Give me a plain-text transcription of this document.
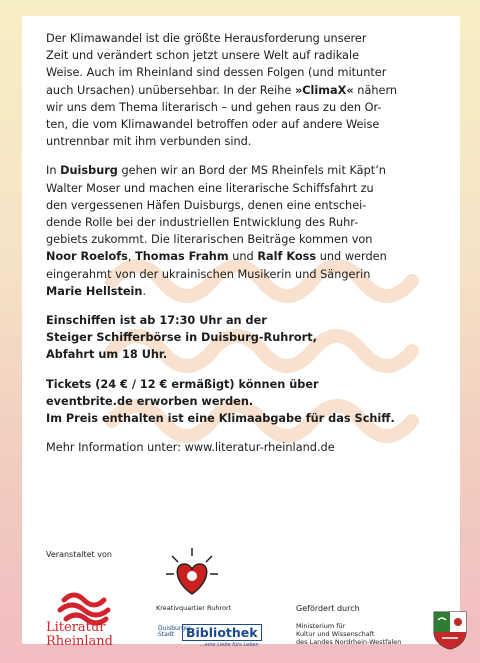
Der Klimawandel ist die größte Herausforderung unserer
Zeit und verändert schon jetzt unsere Welt auf radikale
Weise. Auch im Rheinland sind dessen Folgen (und mitunter
auch Ursachen) unübersehbar. In der Reihe »ClimaX« nähern
wir uns dem Thema literarisch – und gehen raus zu den Or-
ten, die vom Klimawandel betroffen oder auf andere Weise
untrennbar mit ihm verbunden sind.

In Duisburg gehen wir an Bord der MS Rheinfels mit Käpt’n
Walter Moser und machen eine literarische Schiffsfahrt zu
den vergessenen Häfen Duisburgs, denen eine entschei-
dende Rolle bei der industriellen Entwicklung des Ruhr-
gebiets zukommt. Die literarischen Beiträge kommen von
Noor Roelofs, Thomas Frahm und Ralf Koss und werden
eingerahmt von der ukrainischen Musikerin und Sängerin
Marie Hellstein.

Einschiffen ist ab 17:30 Uhr an der
Steiger Schifferbörse in Duisburg-Ruhrort,
Abfahrt um 18 Uhr.

Tickets (24 € / 12 € ermäßigt) können über
eventbrite.de erworben werden.
Im Preis enthalten ist eine Klimaabgabe für das Schiff.

Mehr Information unter: www.literatur-rheinland.de

Veranstaltet von
Literatur
Rheinland
Kreativquartier Ruhrort
Duisburger
Stadt Bibliothek
...eine Liebe fürs Leben
Gefördert durch
Ministerium für
Kultur und Wissenschaft
des Landes Nordrhein-Westfalen
